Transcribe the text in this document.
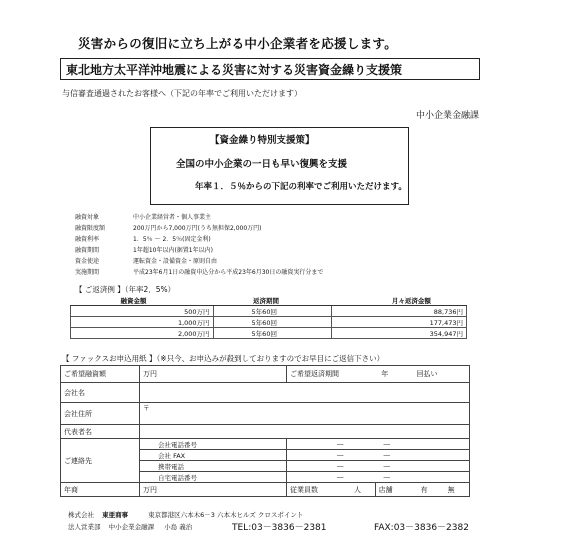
災害からの復旧に立ち上がる中小企業者を応援します。
東北地方太平洋沖地震による災害に対する災害資金繰り支援策
与信審査通過されたお客様へ（下記の年率でご利用いただけます）
中小企業金融課
【資金繰り特別支援策】
全国の中小企業の一日も早い復興を支援
年率１．５％からの下記の利率でご利用いただけます。
融資対象	中小企業経営者・個人事業主
融資限度額	200万円から7,000万円(うち無担保2,000万円)
融資利率	1．5％ 〜 2．5％(固定金利)
融資期間	1年超10年以内(据置1年以内)
資金使途	運転資金・設備資金・原則自由
実施期間	平成23年6月1日の融資申込分から平成23年6月30日の融資実行分まで
【 ご返済例 】（年率2．5%）
融資金額	返済期間	月々返済金額
500万円	5年60回	88,736円
1,000万円	5年60回	177,473円
2,000万円	5年60回	354,947円
【 ファックスお申込用紙 】（※只今、お申込みが殺到しておりますのでお早目にご返信下さい）
ご希望融資額	万円	ご希望返済期間 年 回払い	
会社名			
会社住所	〒		
代表者名			
ご連絡先	会社電話番号	― ―	
	会社 FAX	― ―	
	携帯電話	― ―	
	自宅電話番号	― ―	
年商	万円	従業員数 人	店舗 有 無
株式会社 東亜商事	東京都港区六本木6－3 六本木ヒルズ クロスポイント
法人営業部 中小企業金融課 小島 義治	TEL:03－3836－2381	FAX:03－3836－2382
